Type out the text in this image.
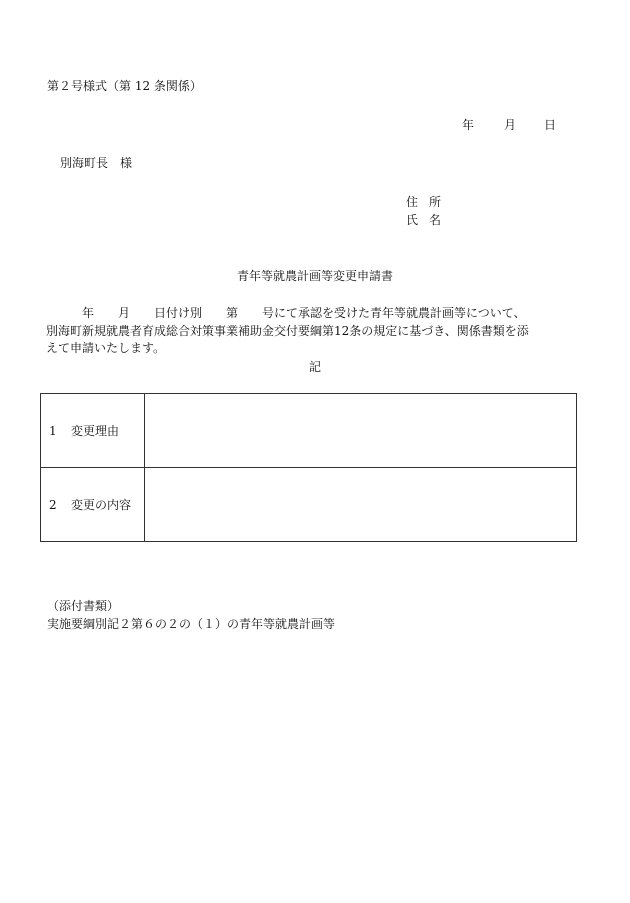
第２号様式（第 12 条関係）
年 月 日
別海町長　様
住 所
氏 名
青年等就農計画等変更申請書
　　　年　　月　　日付け別　　第　　号にて承認を受けた青年等就農計画等について、
別海町新規就農者育成総合対策事業補助金交付要綱第12条の規定に基づき、関係書類を添
えて申請いたします。
記
1 変更理由	
2 変更の内容	
（添付書類）
実施要綱別記２第６の２の（１）の青年等就農計画等
